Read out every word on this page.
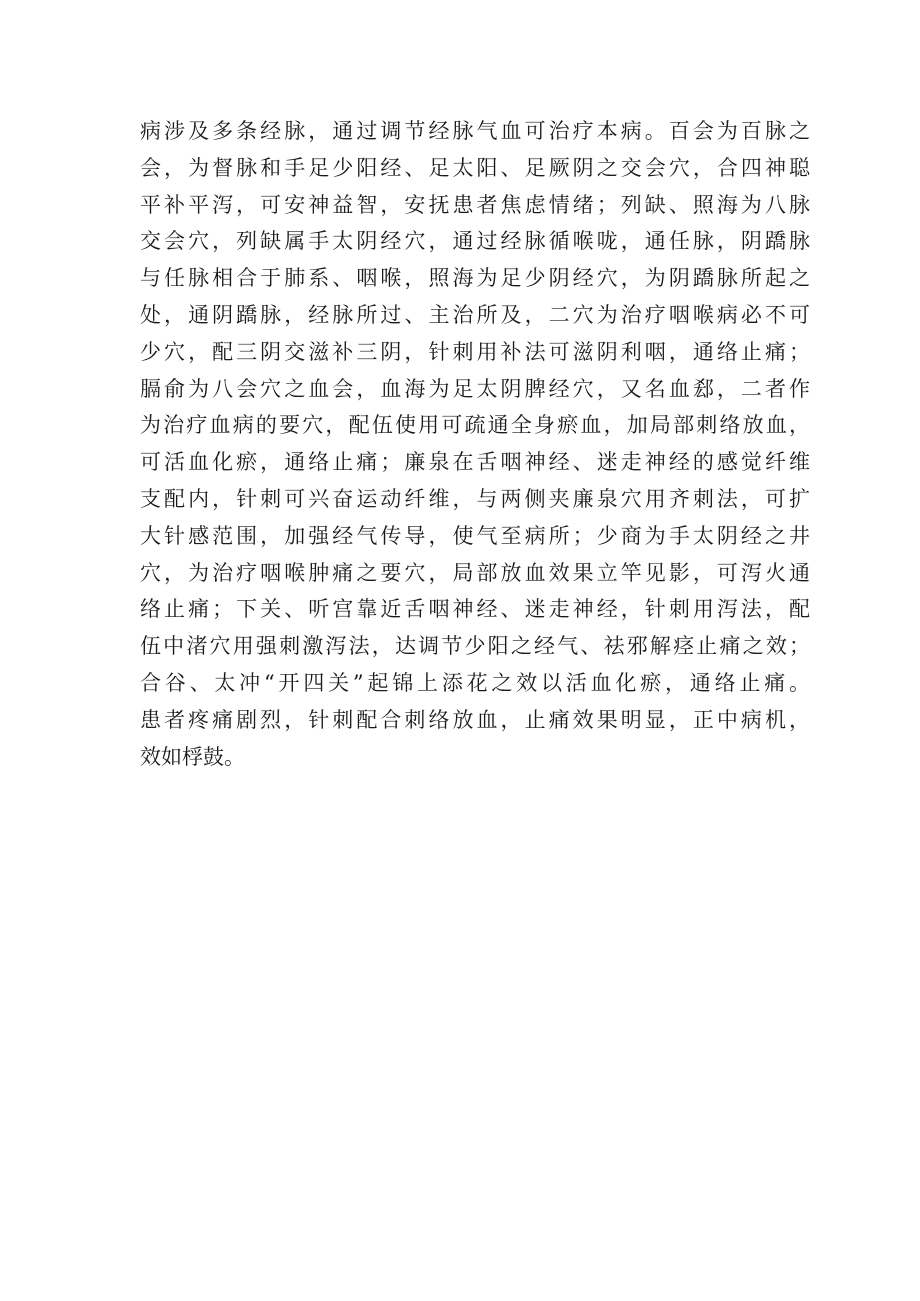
病涉及多条经脉，通过调节经脉气血可治疗本病。百会为百脉之
会，为督脉和手足少阳经、足太阳、足厥阴之交会穴，合四神聪
平补平泻，可安神益智，安抚患者焦虑情绪；列缺、照海为八脉
交会穴，列缺属手太阴经穴，通过经脉循喉咙，通任脉，阴蹻脉
与任脉相合于肺系、咽喉，照海为足少阴经穴，为阴蹻脉所起之
处，通阴蹻脉，经脉所过、主治所及，二穴为治疗咽喉病必不可
少穴，配三阴交滋补三阴，针刺用补法可滋阴利咽，通络止痛；
膈俞为八会穴之血会，血海为足太阴脾经穴，又名血郄，二者作
为治疗血病的要穴，配伍使用可疏通全身瘀血，加局部刺络放血，
可活血化瘀，通络止痛；廉泉在舌咽神经、迷走神经的感觉纤维
支配内，针刺可兴奋运动纤维，与两侧夹廉泉穴用齐刺法，可扩
大针感范围，加强经气传导，使气至病所；少商为手太阴经之井
穴，为治疗咽喉肿痛之要穴，局部放血效果立竿见影，可泻火通
络止痛；下关、听宫靠近舌咽神经、迷走神经，针刺用泻法，配
伍中渚穴用强刺激泻法，达调节少阳之经气、祛邪解痉止痛之效；
合谷、太冲“开四关”起锦上添花之效以活血化瘀，通络止痛。
患者疼痛剧烈，针刺配合刺络放血，止痛效果明显，正中病机，
效如桴鼓。
